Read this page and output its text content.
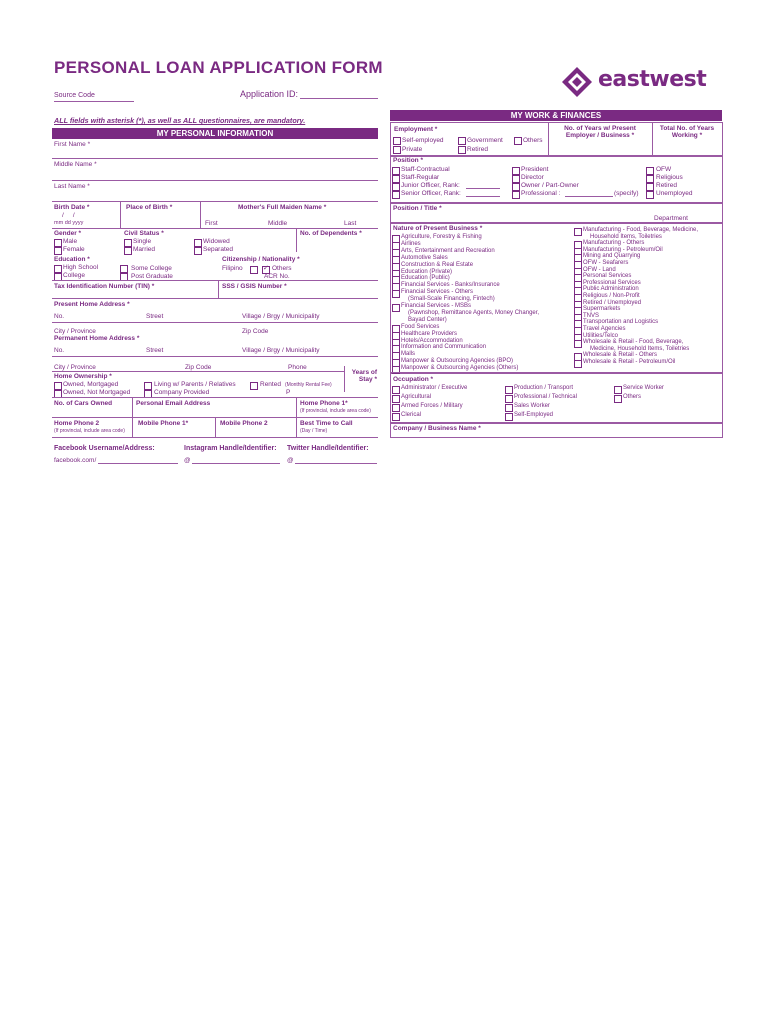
PERSONAL LOAN APPLICATION FORM	eastwest
Source Code	Application ID:
ALL fields with asterisk (*), as well as ALL questionnaires, are mandatory.
MY PERSONAL INFORMATION
First Name *
Middle Name *
Last Name *
Birth Date *	Place of Birth *	Mother's Full Maiden Name *
/     /
mm dd yyyy	First	Middle	Last
Gender *
Male
Female
Civil Status *
Single
Married
Widowed
Separated
No. of Dependents *
Education *
High School
College
Some College
Post Graduate
Citizenship / Nationality *
Filipino
✓	Others
ACR No.
Tax Identification Number (TIN) *	SSS / GSIS Number *
Present Home Address *
No.	Street	Village / Brgy / Municipality
City / Province	Zip Code
Permanent Home Address *
No.	Street	Village / Brgy / Municipality
City / Province	Zip Code	Phone
Years of Stay *
Home Ownership *
Owned, Mortgaged
Owned, Not Mortgaged
Living w/ Parents / Relatives
Company Provided
Rented (Monthly Rental Fee)
P
No. of Cars Owned	Personal Email Address	Home Phone 1*
(If provincial, include area code)
Home Phone 2
(If provincial, include area code)
Mobile Phone 1*	Mobile Phone 2	Best Time to Call
(Day / Time)
Facebook Username/Address:
facebook.com/
Instagram Handle/Identifier:
@
Twitter Handle/Identifier:
@
MY WORK & FINANCES
Employment *
Self-employed	Government	Others
Private	Retired
No. of Years w/ Present Employer / Business *
Total No. of Years Working *
Position *
Staff-Contractual
Staff-Regular
Junior Officer, Rank:
Senior Officer, Rank:
President
Director
Owner / Part-Owner
Professional :	(specify)
OFW
Religious
Retired
Unemployed
Position / Title *
Department
Nature of Present Business *
Agriculture, Forestry & Fishing
Airlines
Arts, Entertainment and Recreation
Automotive Sales
Construction & Real Estate
Education (Private)
Education (Public)
Financial Services - Banks/Insurance
Financial Services - Others
(Small-Scale Financing, Fintech)
Financial Services - MSBs
(Pawnshop, Remittance Agents, Money Changer,
Bayad Center)
Food Services
Healthcare Providers
Hotels/Accommodation
Information and Communication
Malls
Manpower & Outsourcing Agencies (BPO)
Manpower & Outsourcing Agencies (Others)
Manufacturing - Food, Beverage, Medicine,
Household Items, Toiletries
Manufacturing - Others
Manufacturing - Petroleum/Oil
Mining and Quarrying
OFW - Seafarers
OFW - Land
Personal Services
Professional Services
Public Administration
Religious / Non-Profit
Retired / Unemployed
Supermarkets
TNVS
Transportation and Logistics
Travel Agencies
Utilities/Telco
Wholesale & Retail - Food, Beverage,
Medicine, Household Items, Toiletries
Wholesale & Retail - Others
Wholesale & Retail - Petroleum/Oil
Occupation *
Administrator / Executive
Agricultural
Armed Forces / Military
Clerical
Production / Transport
Professional / Technical
Sales Worker
Self-Employed
Service Worker
Others
Company / Business Name *
